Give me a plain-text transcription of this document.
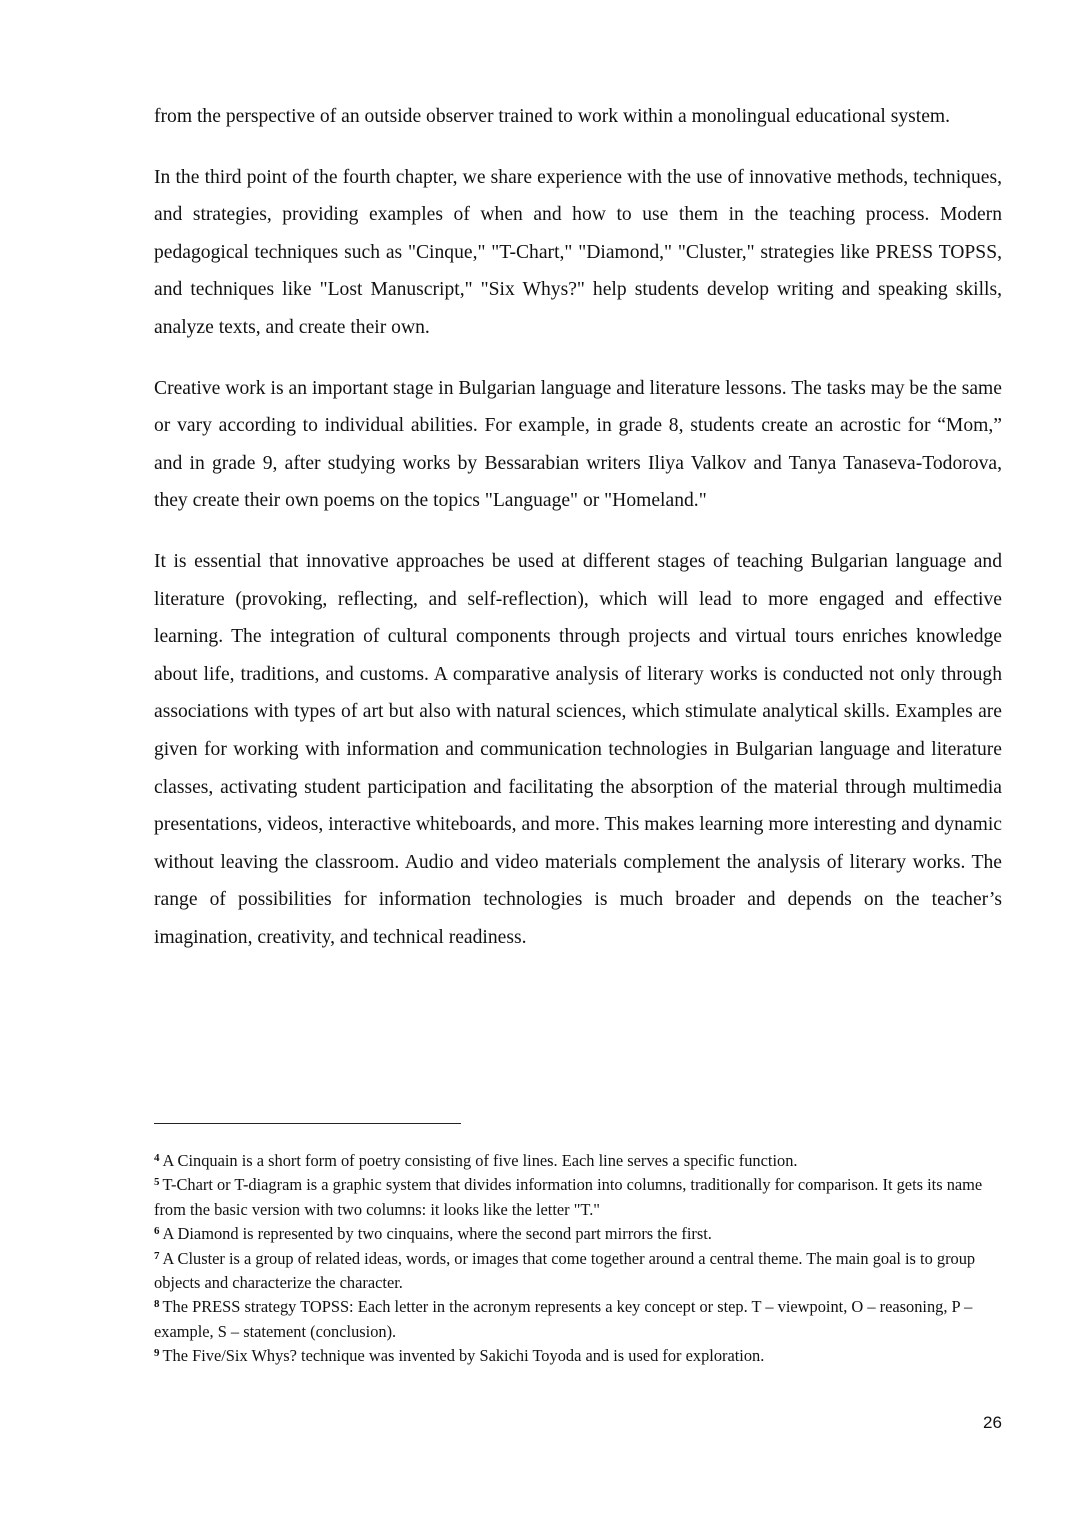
from the perspective of an outside observer trained to work within a monolingual educational system.

In the third point of the fourth chapter, we share experience with the use of innovative methods, techniques, and strategies, providing examples of when and how to use them in the teaching process. Modern pedagogical techniques such as "Cinque," "T-Chart," "Diamond," "Cluster," strategies like PRESS TOPSS, and techniques like "Lost Manuscript," "Six Whys?" help students develop writing and speaking skills, analyze texts, and create their own.

Creative work is an important stage in Bulgarian language and literature lessons. The tasks may be the same or vary according to individual abilities. For example, in grade 8, students create an acrostic for “Mom,” and in grade 9, after studying works by Bessarabian writers Iliya Valkov and Tanya Tanaseva-Todorova, they create their own poems on the topics "Language" or "Homeland."

It is essential that innovative approaches be used at different stages of teaching Bulgarian language and literature (provoking, reflecting, and self-reflection), which will lead to more engaged and effective learning. The integration of cultural components through projects and virtual tours enriches knowledge about life, traditions, and customs. A comparative analysis of literary works is conducted not only through associations with types of art but also with natural sciences, which stimulate analytical skills. Examples are given for working with information and communication technologies in Bulgarian language and literature classes, activating student participation and facilitating the absorption of the material through multimedia presentations, videos, interactive whiteboards, and more. This makes learning more interesting and dynamic without leaving the classroom. Audio and video materials complement the analysis of literary works. The range of possibilities for information technologies is much broader and depends on the teacher’s imagination, creativity, and technical readiness.

$^4$ A Cinquain is a short form of poetry consisting of five lines. Each line serves a specific function.

$^5$ T-Chart or T-diagram is a graphic system that divides information into columns, traditionally for comparison. It gets its name from the basic version with two columns: it looks like the letter "T."

$^6$ A Diamond is represented by two cinquains, where the second part mirrors the first.

$^7$ A Cluster is a group of related ideas, words, or images that come together around a central theme. The main goal is to group objects and characterize the character.

$^8$ The PRESS strategy TOPSS: Each letter in the acronym represents a key concept or step. T – viewpoint, O – reasoning, P – example, S – statement (conclusion).

$^9$ The Five/Six Whys? technique was invented by Sakichi Toyoda and is used for exploration.

26
